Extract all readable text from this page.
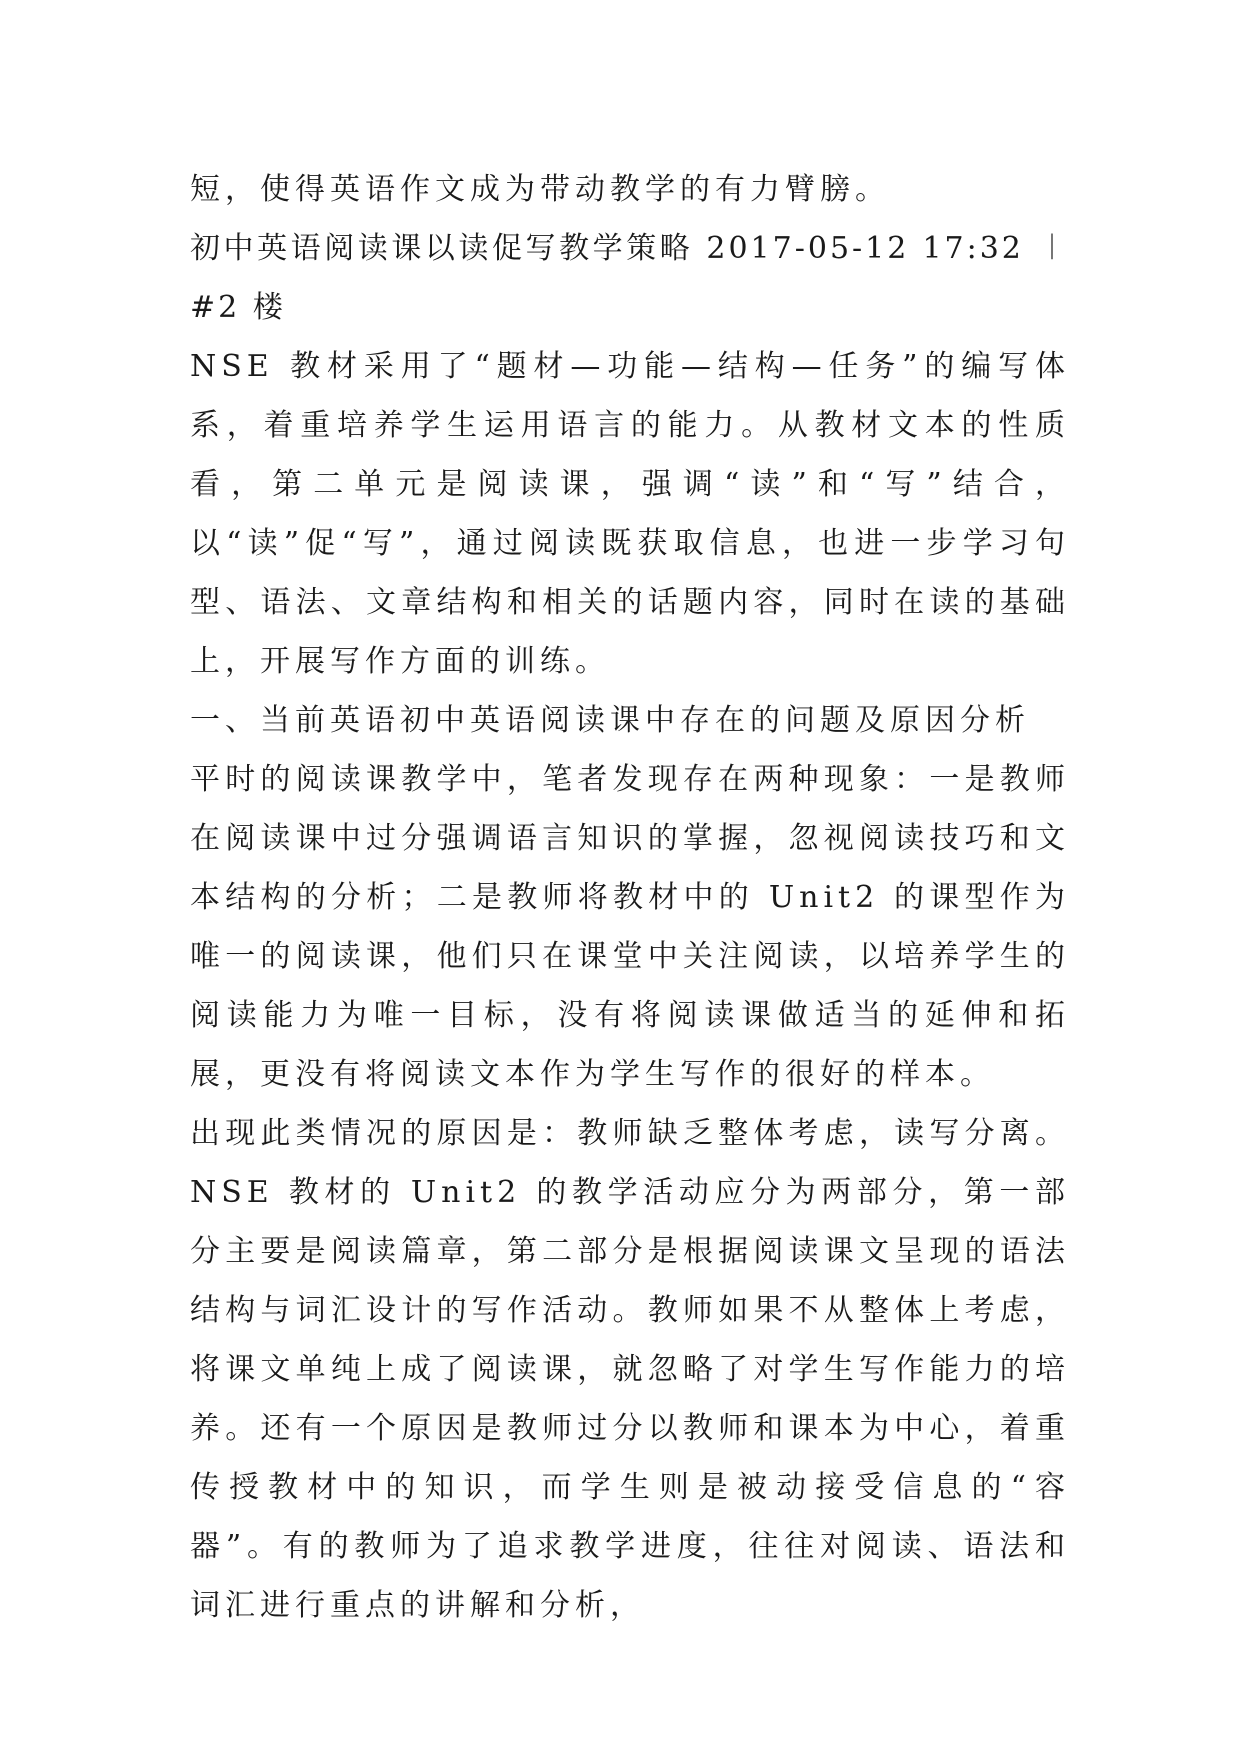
短，使得英语作文成为带动教学的有力臂膀。

初中英语阅读课以读促写教学策略 2017-05-12 17:32 ︱ #2 楼

NSE 教材采用了“题材—功能—结构—任务”的编写体系，着重培养学生运用语言的能力。从教材文本的性质看，第二单元是阅读课，强调“读”和“写”结合，以“读”促“写”，通过阅读既获取信息，也进一步学习句型、语法、文章结构和相关的话题内容，同时在读的基础上，开展写作方面的训练。

一、当前英语初中英语阅读课中存在的问题及原因分析

平时的阅读课教学中，笔者发现存在两种现象：一是教师在阅读课中过分强调语言知识的掌握，忽视阅读技巧和文本结构的分析；二是教师将教材中的 Unit2 的课型作为唯一的阅读课，他们只在课堂中关注阅读，以培养学生的阅读能力为唯一目标，没有将阅读课做适当的延伸和拓展，更没有将阅读文本作为学生写作的很好的样本。

出现此类情况的原因是：教师缺乏整体考虑，读写分离。NSE 教材的 Unit2 的教学活动应分为两部分，第一部分主要是阅读篇章，第二部分是根据阅读课文呈现的语法结构与词汇设计的写作活动。教师如果不从整体上考虑，将课文单纯上成了阅读课，就忽略了对学生写作能力的培养。还有一个原因是教师过分以教师和课本为中心，着重传授教材中的知识，而学生则是被动接受信息的“容器”。有的教师为了追求教学进度，往往对阅读、语法和词汇进行重点的讲解和分析，
